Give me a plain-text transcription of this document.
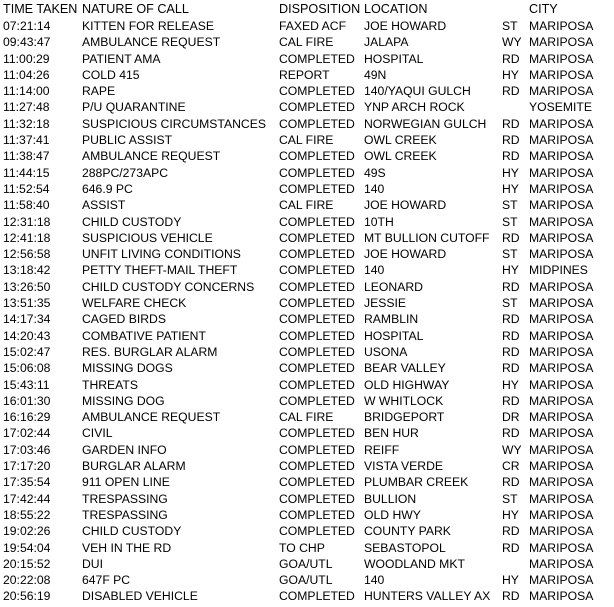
TIME TAKEN	NATURE OF CALL	DISPOSITION	LOCATION		CITY
07:21:14	KITTEN FOR RELEASE	FAXED ACF	JOE HOWARD	ST	MARIPOSA
09:43:47	AMBULANCE REQUEST	CAL FIRE	JALAPA	WY	MARIPOSA
11:00:29	PATIENT AMA	COMPLETED	HOSPITAL	RD	MARIPOSA
11:04:26	COLD 415	REPORT	49N	HY	MARIPOSA
11:14:00	RAPE	COMPLETED	140/YAQUI GULCH	RD	MARIPOSA
11:27:48	P/U QUARANTINE	COMPLETED	YNP ARCH ROCK		YOSEMITE
11:32:18	SUSPICIOUS CIRCUMSTANCES	COMPLETED	NORWEGIAN GULCH	RD	MARIPOSA
11:37:41	PUBLIC ASSIST	CAL FIRE	OWL CREEK	RD	MARIPOSA
11:38:47	AMBULANCE REQUEST	COMPLETED	OWL CREEK	RD	MARIPOSA
11:44:15	288PC/273APC	COMPLETED	49S	HY	MARIPOSA
11:52:54	646.9 PC	COMPLETED	140	HY	MARIPOSA
11:58:40	ASSIST	CAL FIRE	JOE HOWARD	ST	MARIPOSA
12:31:18	CHILD CUSTODY	COMPLETED	10TH	ST	MARIPOSA
12:41:18	SUSPICIOUS VEHICLE	COMPLETED	MT BULLION CUTOFF	RD	MARIPOSA
12:56:58	UNFIT LIVING CONDITIONS	COMPLETED	JOE HOWARD	ST	MARIPOSA
13:18:42	PETTY THEFT-MAIL THEFT	COMPLETED	140	HY	MIDPINES
13:26:50	CHILD CUSTODY CONCERNS	COMPLETED	LEONARD	RD	MARIPOSA
13:51:35	WELFARE CHECK	COMPLETED	JESSIE	ST	MARIPOSA
14:17:34	CAGED BIRDS	COMPLETED	RAMBLIN	RD	MARIPOSA
14:20:43	COMBATIVE PATIENT	COMPLETED	HOSPITAL	RD	MARIPOSA
15:02:47	RES. BURGLAR ALARM	COMPLETED	USONA	RD	MARIPOSA
15:06:08	MISSING DOGS	COMPLETED	BEAR VALLEY	RD	MARIPOSA
15:43:11	THREATS	COMPLETED	OLD HIGHWAY	HY	MARIPOSA
16:01:30	MISSING DOG	COMPLETED	W WHITLOCK	RD	MARIPOSA
16:16:29	AMBULANCE REQUEST	CAL FIRE	BRIDGEPORT	DR	MARIPOSA
17:02:44	CIVIL	COMPLETED	BEN HUR	RD	MARIPOSA
17:03:46	GARDEN INFO	COMPLETED	REIFF	WY	MARIPOSA
17:17:20	BURGLAR ALARM	COMPLETED	VISTA VERDE	CR	MARIPOSA
17:35:54	911 OPEN LINE	COMPLETED	PLUMBAR CREEK	RD	MARIPOSA
17:42:44	TRESPASSING	COMPLETED	BULLION	ST	MARIPOSA
18:55:22	TRESPASSING	COMPLETED	OLD HWY	HY	MARIPOSA
19:02:26	CHILD CUSTODY	COMPLETED	COUNTY PARK	RD	MARIPOSA
19:54:04	VEH IN THE RD	TO CHP	SEBASTOPOL	RD	MARIPOSA
20:15:52	DUI	GOA/UTL	WOODLAND MKT		MARIPOSA
20:22:08	647F PC	GOA/UTL	140	HY	MARIPOSA
20:56:19	DISABLED VEHICLE	COMPLETED	HUNTERS VALLEY AX	RD	MARIPOSA
